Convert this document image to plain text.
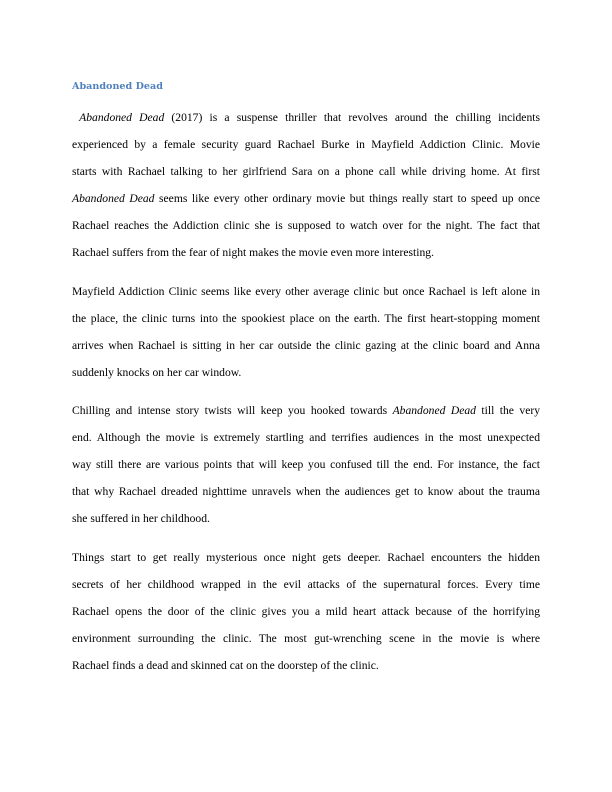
Abandoned Dead
Abandoned Dead (2017) is a suspense thriller that revolves around the chilling incidents
experienced by a female security guard Rachael Burke in Mayfield Addiction Clinic. Movie
starts with Rachael talking to her girlfriend Sara on a phone call while driving home. At first
Abandoned Dead seems like every other ordinary movie but things really start to speed up once
Rachael reaches the Addiction clinic she is supposed to watch over for the night. The fact that
Rachael suffers from the fear of night makes the movie even more interesting.
Mayfield Addiction Clinic seems like every other average clinic but once Rachael is left alone in
the place, the clinic turns into the spookiest place on the earth. The first heart-stopping moment
arrives when Rachael is sitting in her car outside the clinic gazing at the clinic board and Anna
suddenly knocks on her car window.
Chilling and intense story twists will keep you hooked towards Abandoned Dead till the very
end. Although the movie is extremely startling and terrifies audiences in the most unexpected
way still there are various points that will keep you confused till the end. For instance, the fact
that why Rachael dreaded nighttime unravels when the audiences get to know about the trauma
she suffered in her childhood.
Things start to get really mysterious once night gets deeper. Rachael encounters the hidden
secrets of her childhood wrapped in the evil attacks of the supernatural forces. Every time
Rachael opens the door of the clinic gives you a mild heart attack because of the horrifying
environment surrounding the clinic. The most gut-wrenching scene in the movie is where
Rachael finds a dead and skinned cat on the doorstep of the clinic.
